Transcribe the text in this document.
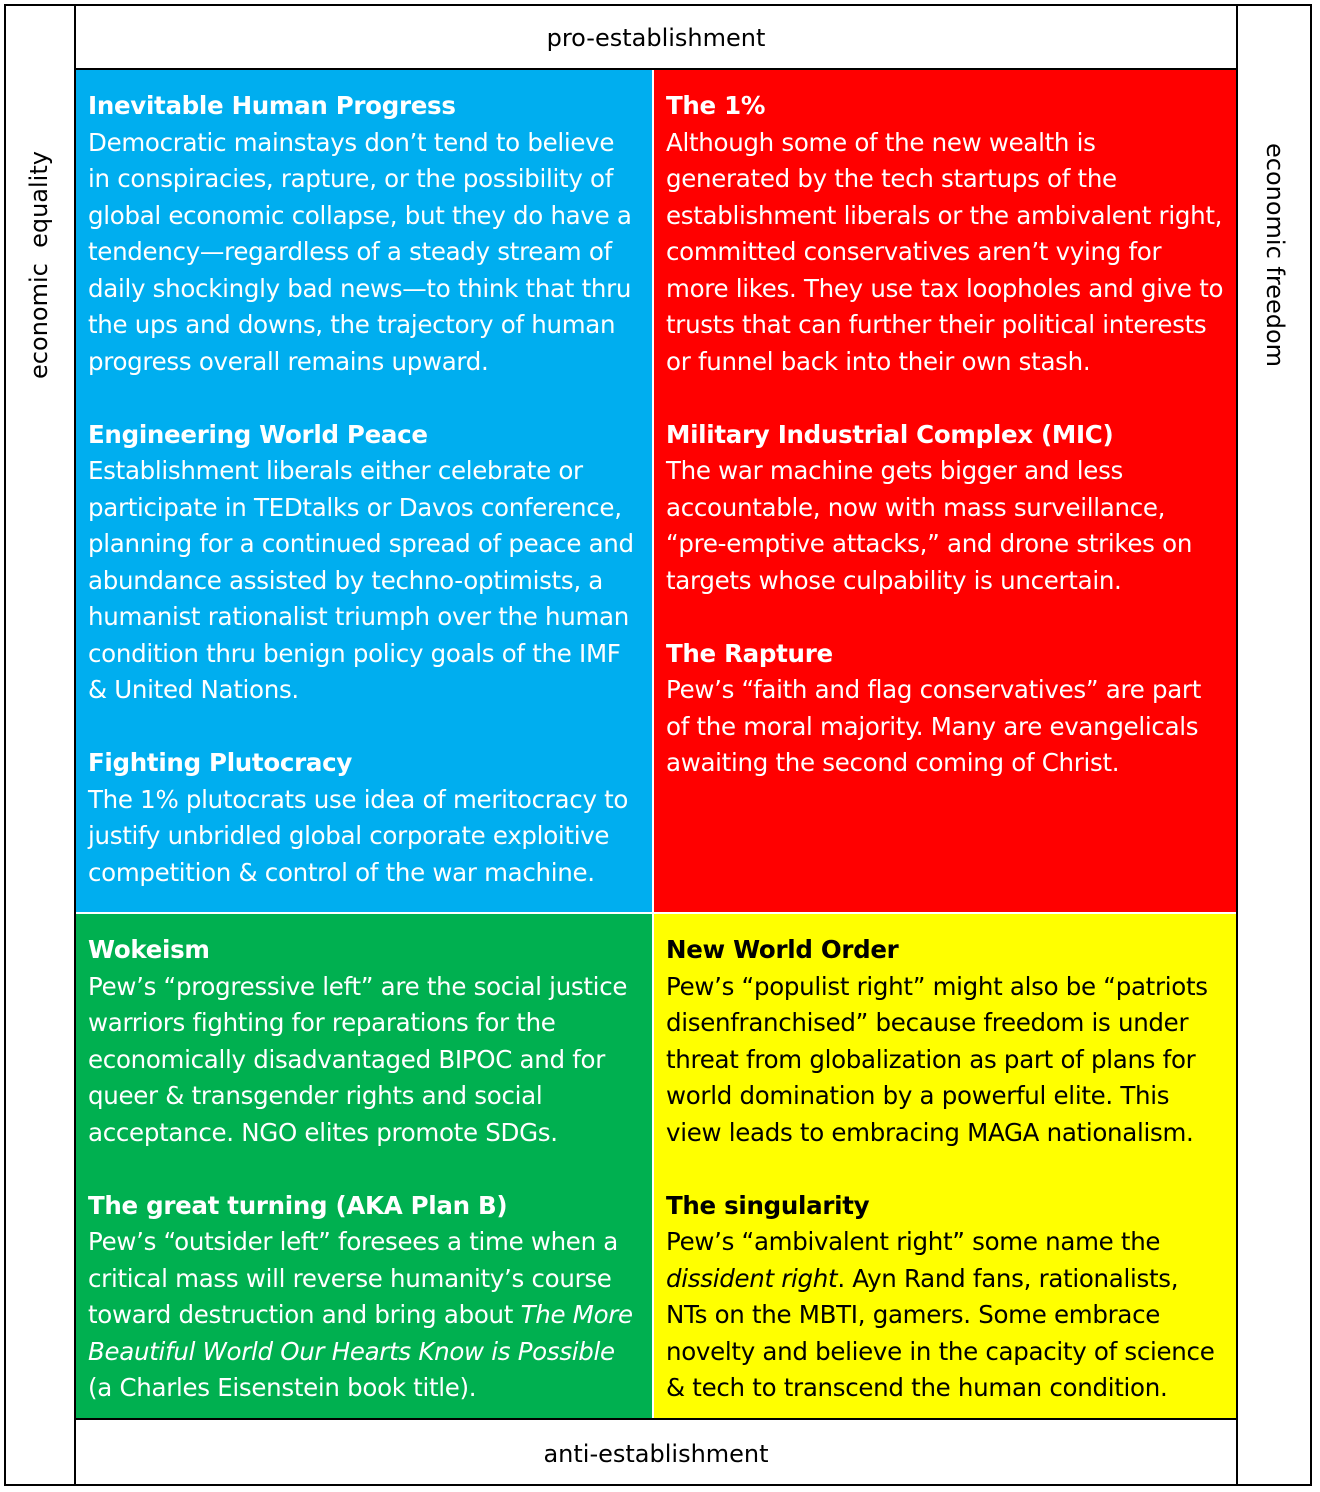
pro-establishment
anti-establishment
economic  equality	economic freedom
Inevitable Human Progress
Democratic mainstays don’t tend to believe in conspiracies, rapture, or the possibility of global economic collapse, but they do have a tendency—regardless of a steady stream of daily shockingly bad news—to think that thru the ups and downs, the trajectory of human progress overall remains upward.
Engineering World Peace
Establishment liberals either celebrate or participate in TEDtalks or Davos conference, planning for a continued spread of peace and abundance assisted by techno-optimists, a humanist rationalist triumph over the human condition thru benign policy goals of the IMF & United Nations.
Fighting Plutocracy
The 1% plutocrats use idea of meritocracy to justify unbridled global corporate exploitive competition & control of the war machine.
The 1%
Although some of the new wealth is generated by the tech startups of the establishment liberals or the ambivalent right, committed conservatives aren’t vying for more likes. They use tax loopholes and give to trusts that can further their political interests or funnel back into their own stash.
Military Industrial Complex (MIC)
The war machine gets bigger and less accountable, now with mass surveillance, “pre-emptive attacks,” and drone strikes on targets whose culpability is uncertain.
The Rapture
Pew’s “faith and flag conservatives” are part of the moral majority. Many are evangelicals awaiting the second coming of Christ.
Wokeism
Pew’s “progressive left” are the social justice warriors fighting for reparations for the economically disadvantaged BIPOC and for queer & transgender rights and social acceptance. NGO elites promote SDGs.
The great turning (AKA Plan B)
Pew’s “outsider left” foresees a time when a critical mass will reverse humanity’s course toward destruction and bring about The More Beautiful World Our Hearts Know is Possible (a Charles Eisenstein book title).
New World Order
Pew’s “populist right” might also be “patriots disenfranchised” because freedom is under threat from globalization as part of plans for world domination by a powerful elite. This view leads to embracing MAGA nationalism.
The singularity
Pew’s “ambivalent right” some name the dissident right. Ayn Rand fans, rationalists, NTs on the MBTI, gamers. Some embrace novelty and believe in the capacity of science & tech to transcend the human condition.
